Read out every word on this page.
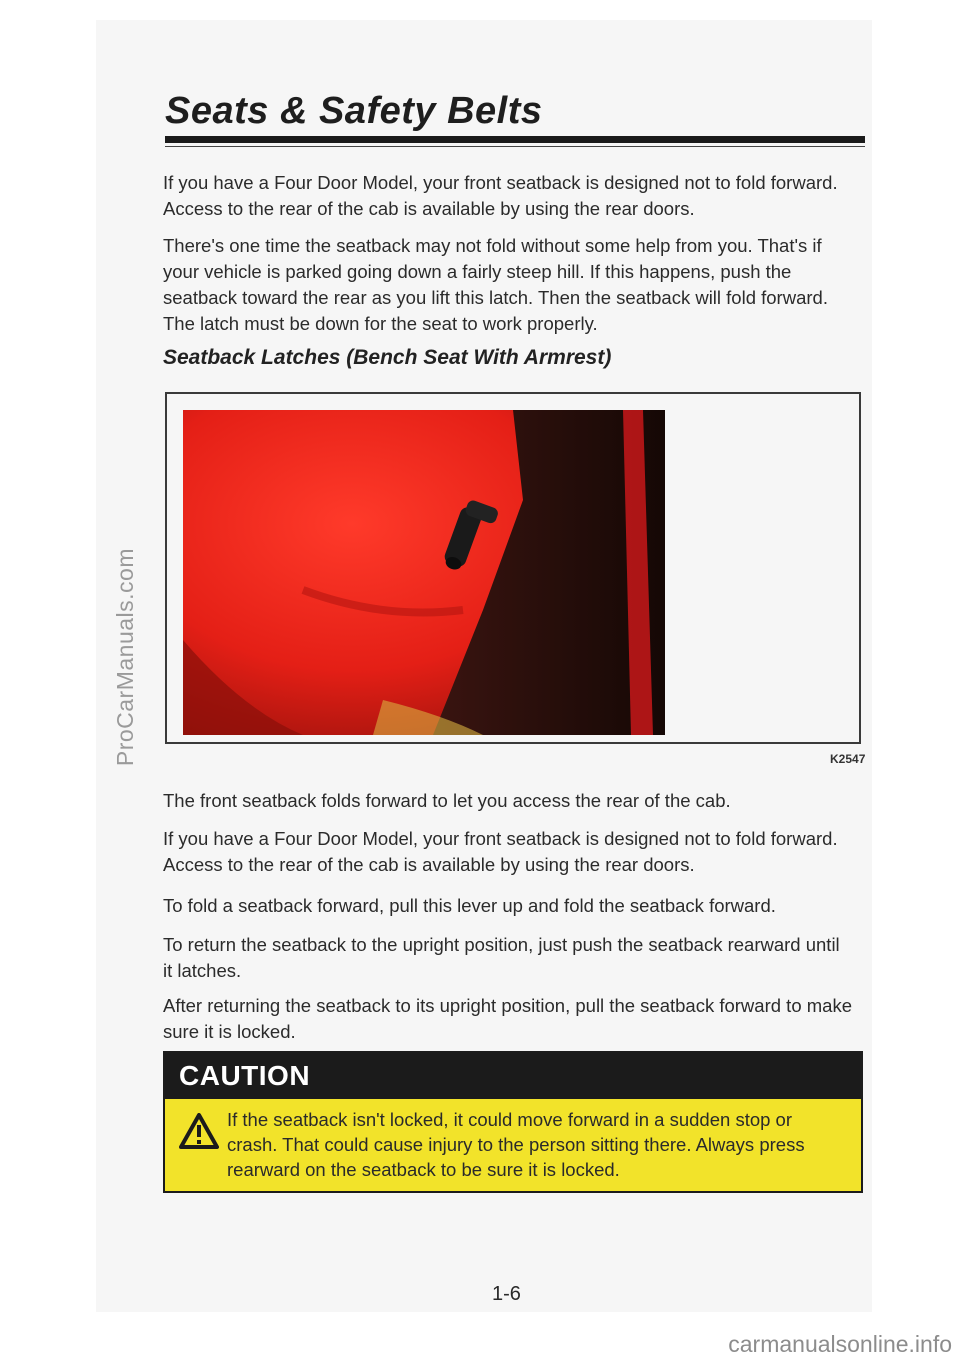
ProCarManuals.com
Seats & Safety Belts

If you have a Four Door Model, your front seatback is designed not to fold forward. Access to the rear of the cab is available by using the rear doors.

There's one time the seatback may not fold without some help from you. That's if your vehicle is parked going down a fairly steep hill. If this happens, push the seatback toward the rear as you lift this latch. Then the seatback will fold forward. The latch must be down for the seat to work properly.

Seatback Latches (Bench Seat With Armrest)
K2547

The front seatback folds forward to let you access the rear of the cab.

If you have a Four Door Model, your front seatback is designed not to fold forward. Access to the rear of the cab is available by using the rear doors.

To fold a seatback forward, pull this lever up and fold the seatback forward.

To return the seatback to the upright position, just push the seatback rearward until it latches.

After returning the seatback to its upright position, pull the seatback forward to make sure it is locked.

CAUTION

If the seatback isn't locked, it could move forward in a sudden stop or crash. That could cause injury to the person sitting there. Always press rearward on the seatback to be sure it is locked.

1-6
carmanualsonline.info
